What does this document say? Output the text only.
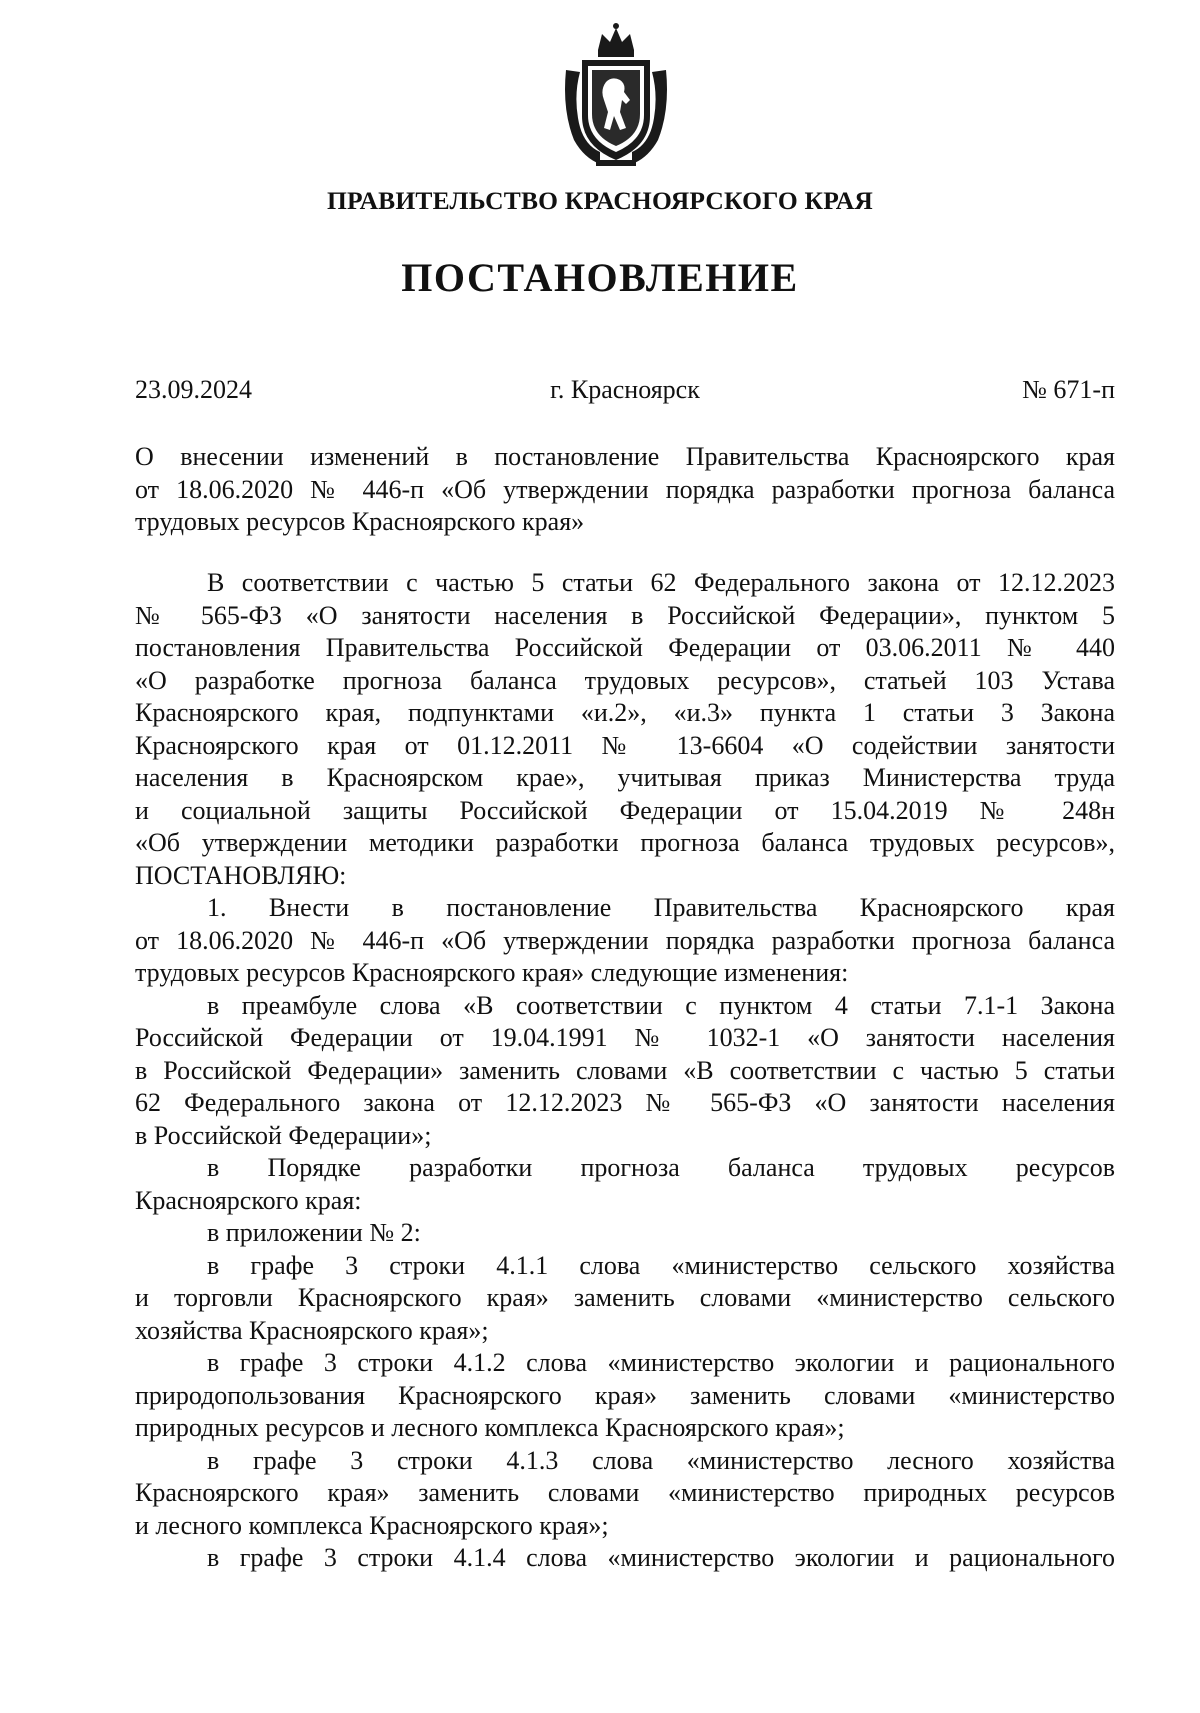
ПРАВИТЕЛЬСТВО КРАСНОЯРСКОГО КРАЯ
ПОСТАНОВЛЕНИЕ
23.09.2024	г. Красноярск	№ 671-п
О внесении изменений в постановление Правительства Красноярского края
от 18.06.2020 № 446-п «Об утверждении порядка разработки прогноза баланса
трудовых ресурсов Красноярского края»
В соответствии с частью 5 статьи 62 Федерального закона от 12.12.2023
№ 565-ФЗ «О занятости населения в Российской Федерации», пунктом 5
постановления Правительства Российской Федерации от 03.06.2011 № 440
«О разработке прогноза баланса трудовых ресурсов», статьей 103 Устава
Красноярского края, подпунктами «и.2», «и.3» пункта 1 статьи 3 Закона
Красноярского края от 01.12.2011 № 13-6604 «О содействии занятости
населения в Красноярском крае», учитывая приказ Министерства труда
и социальной защиты Российской Федерации от 15.04.2019 № 248н
«Об утверждении методики разработки прогноза баланса трудовых ресурсов»,
ПОСТАНОВЛЯЮ:
1. Внести в постановление Правительства Красноярского края
от 18.06.2020 № 446-п «Об утверждении порядка разработки прогноза баланса
трудовых ресурсов Красноярского края» следующие изменения:
в преамбуле слова «В соответствии с пунктом 4 статьи 7.1-1 Закона
Российской Федерации от 19.04.1991 № 1032-1 «О занятости населения
в Российской Федерации» заменить словами «В соответствии с частью 5 статьи
62 Федерального закона от 12.12.2023 № 565-ФЗ «О занятости населения
в Российской Федерации»;
в Порядке разработки прогноза баланса трудовых ресурсов
Красноярского края:
в приложении № 2:
в графе 3 строки 4.1.1 слова «министерство сельского хозяйства
и торговли Красноярского края» заменить словами «министерство сельского
хозяйства Красноярского края»;
в графе 3 строки 4.1.2 слова «министерство экологии и рационального
природопользования Красноярского края» заменить словами «министерство
природных ресурсов и лесного комплекса Красноярского края»;
в графе 3 строки 4.1.3 слова «министерство лесного хозяйства
Красноярского края» заменить словами «министерство природных ресурсов
и лесного комплекса Красноярского края»;
в графе 3 строки 4.1.4 слова «министерство экологии и рационального
